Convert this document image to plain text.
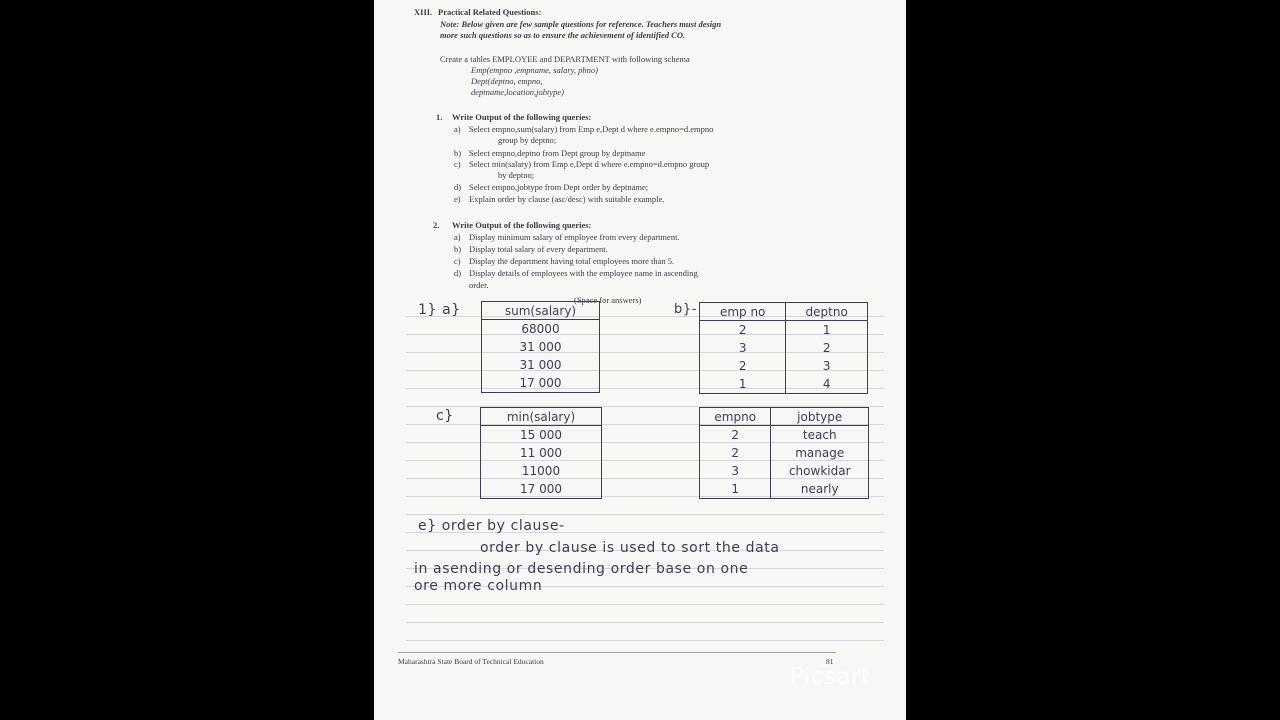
XIII. Practical Related Questions:
Note: Below given are few sample questions for reference. Teachers must design
more such questions so as to ensure the achievement of identified CO.
Create a tables EMPLOYEE and DEPARTMENT with following schema
Emp(empno ,empname, salary, phno)
Dept(deptno, empno,
deptname,location,jobtype)
1. Write Output of the following queries:
a) Select empno,sum(salary) from Emp e,Dept d where e.empno=d.empno
group by deptno;
b) Select empno,deptno from Dept group by deptname
c) Select min(salary) from Emp e,Dept d where e.empno=d.empno group
by deptno;
d) Select empno,jobtype from Dept order by deptname;
e) Explain order by clause (asc/desc) with suitable example.
2. Write Output of the following queries:
a) Display minimum salary of employee from every department.
b) Display total salary of every department.
c) Display the department having total employees more than 5.
d) Display details of employees with the employee name in ascending
order.
(Space for answers)
1} a}	b}-
c}
sum(salary)
68000
31 000
31 000
17 000
emp no	deptno
2	1
3	2
2	3
1	4
min(salary)
15 000
11 000
11000
17 000
empno	jobtype
2	teach
2	manage
3	chowkidar
1	nearly
e} order by clause-
order by clause is used to sort the data
in asending or desending order base on one
ore more column
Maharashtra State Board of Technical Education	81
Picsart
